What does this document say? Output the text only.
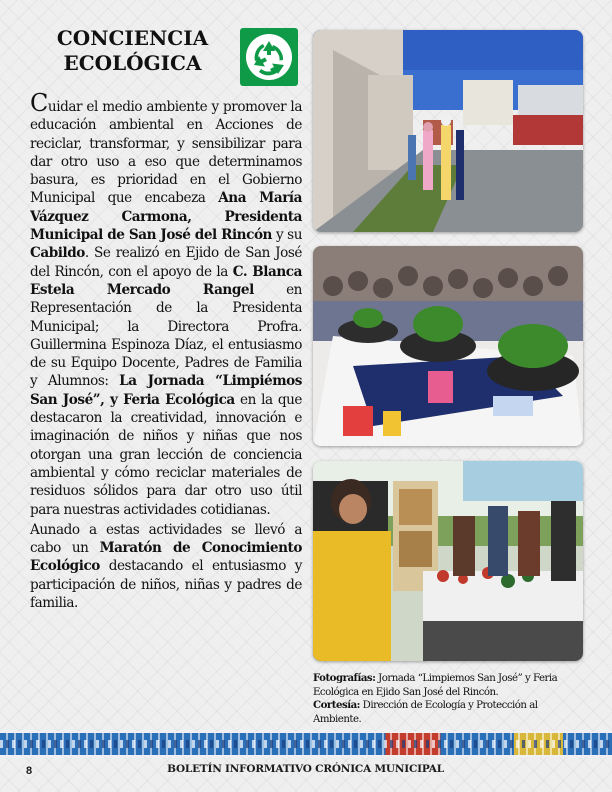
CONCIENCIA
ECOLÓGICA

Cuidar el medio ambiente y promover la educación ambiental en Acciones de reciclar, transformar, y sensibilizar para dar otro uso a eso que determinamos basura, es prioridad en el Gobierno Municipal que encabeza Ana María Vázquez Carmona, Presidenta Municipal de San José del Rincón y su Cabildo. Se realizó en Ejido de San José del Rincón, con el apoyo de la C. Blanca Estela Mercado Rangel en Representación de la Presidenta Municipal; la Directora Profra. Guillermina Espinoza Díaz, el entusiasmo de su Equipo Docente, Padres de Familia y Alumnos: La Jornada “Limpiémos San José”, y Feria Ecológica en la que destacaron la creatividad, innovación e imaginación de niños y niñas que nos otorgan una gran lección de conciencia ambiental y cómo reciclar materiales de residuos sólidos para dar otro uso útil para nuestras actividades cotidianas.

Aunado a estas actividades se llevó a cabo un Maratón de Conocimiento Ecológico destacando el entusiasmo y participación de niños, niñas y padres de familia.

Fotografías: Jornada “Limpiemos San José” y Feria Ecológica en Ejido San José del Rincón.
Cortesía: Dirección de Ecología y Protección al Ambiente.
8	BOLETÍN INFORMATIVO CRÓNICA MUNICIPAL
